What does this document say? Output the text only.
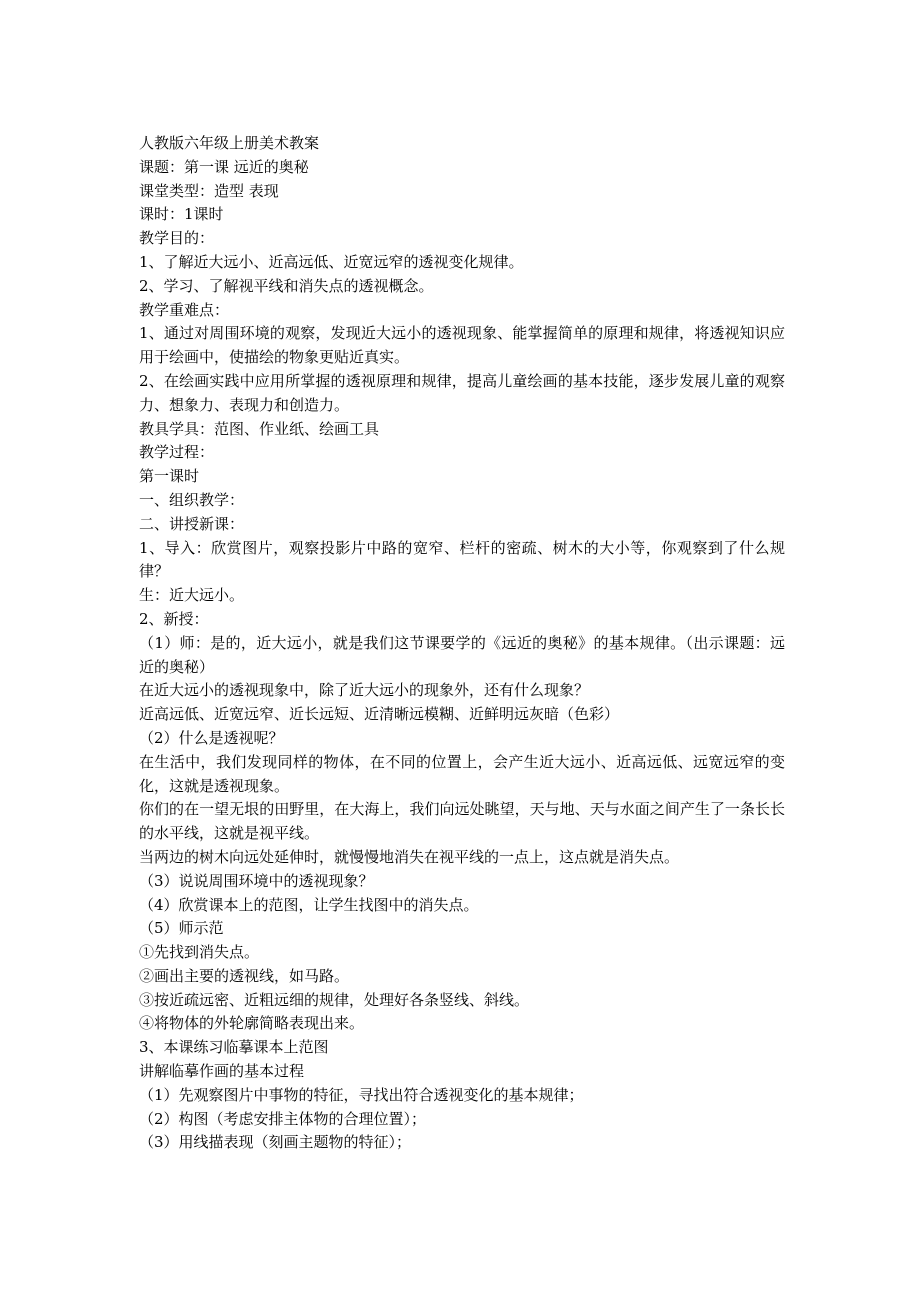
人教版六年级上册美术教案

课题：第一课 远近的奥秘

课堂类型：造型 表现

课时：1课时

教学目的：

1、了解近大远小、近高远低、近宽远窄的透视变化规律。

2、学习、了解视平线和消失点的透视概念。

教学重难点：

1、通过对周围环境的观察，发现近大远小的透视现象、能掌握简单的原理和规律，将透视知识应用于绘画中，使描绘的物象更贴近真实。

2、在绘画实践中应用所掌握的透视原理和规律，提高儿童绘画的基本技能，逐步发展儿童的观察力、想象力、表现力和创造力。

教具学具：范图、作业纸、绘画工具

教学过程：

第一课时

一、组织教学：

二、讲授新课：

1、导入：欣赏图片，观察投影片中路的宽窄、栏杆的密疏、树木的大小等，你观察到了什么规律？

生：近大远小。

2、新授：

（1）师：是的，近大远小，就是我们这节课要学的《远近的奥秘》的基本规律。（出示课题：远近的奥秘）

在近大远小的透视现象中，除了近大远小的现象外，还有什么现象？

近高远低、近宽远窄、近长远短、近清晰远模糊、近鲜明远灰暗（色彩）

（2）什么是透视呢？

在生活中，我们发现同样的物体，在不同的位置上，会产生近大远小、近高远低、远宽远窄的变化，这就是透视现象。

你们的在一望无垠的田野里，在大海上，我们向远处眺望，天与地、天与水面之间产生了一条长长的水平线，这就是视平线。

当两边的树木向远处延伸时，就慢慢地消失在视平线的一点上，这点就是消失点。

（3）说说周围环境中的透视现象？

（4）欣赏课本上的范图，让学生找图中的消失点。

（5）师示范

①先找到消失点。

②画出主要的透视线，如马路。

③按近疏远密、近粗远细的规律，处理好各条竖线、斜线。

④将物体的外轮廓简略表现出来。

3、本课练习临摹课本上范图

讲解临摹作画的基本过程

（1）先观察图片中事物的特征，寻找出符合透视变化的基本规律；

（2）构图（考虑安排主体物的合理位置）；

（3）用线描表现（刻画主题物的特征）；
